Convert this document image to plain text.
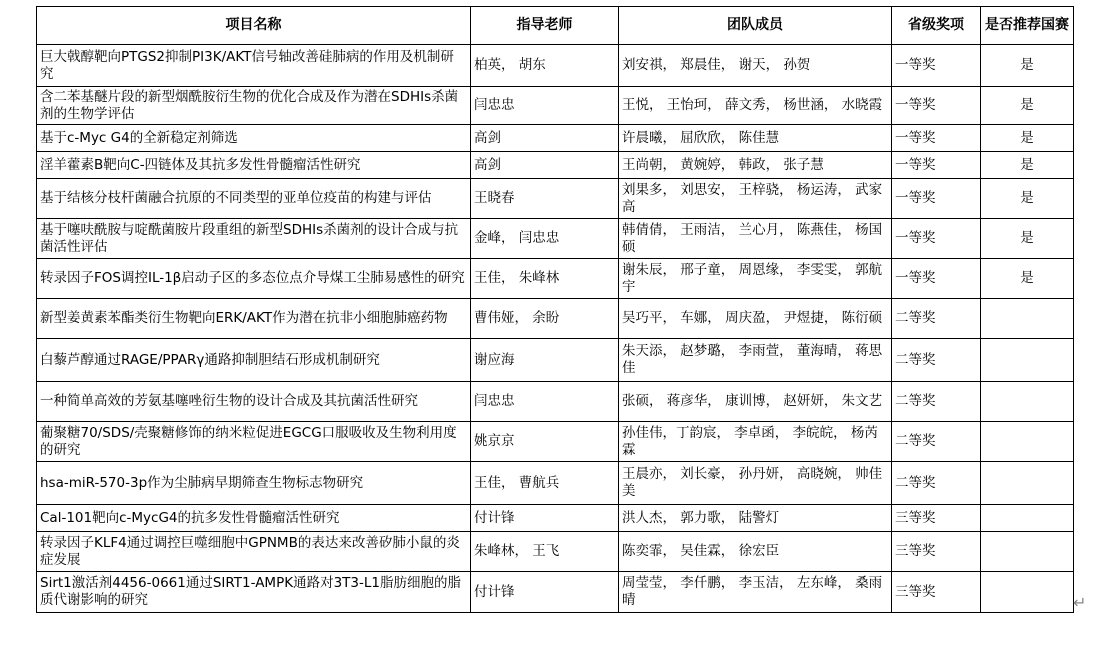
项目名称	指导老师	团队成员	省级奖项	是否推荐国赛
巨大戟醇靶向PTGS2抑制PI3K/AKT信号轴改善硅肺病的作用及机制研究	柏英， 胡东	刘安祺， 郑晨佳， 谢天， 孙贺	一等奖	是
含二苯基醚片段的新型烟酰胺衍生物的优化合成及作为潜在SDHIs杀菌剂的生物学评估	闫忠忠	王悦， 王怡珂， 薛文秀， 杨世涵， 水晓霞	一等奖	是
基于c-Myc G4的全新稳定剂筛选	高剑	许晨曦， 屈欣欣， 陈佳慧	一等奖	是
淫羊藿素B靶向C-四链体及其抗多发性骨髓瘤活性研究	高剑	王尚朝， 黄婉婷， 韩政， 张子慧	一等奖	是
基于结核分枝杆菌融合抗原的不同类型的亚单位疫苗的构建与评估	王晓春	刘果多， 刘思安， 王梓骁， 杨运涛， 武家高	一等奖	是
基于噻呋酰胺与啶酰菌胺片段重组的新型SDHIs杀菌剂的设计合成与抗菌活性评估	金峰， 闫忠忠	韩倩倩， 王雨洁， 兰心月， 陈燕佳， 杨国硕	一等奖	是
转录因子FOS调控IL-1β启动子区的多态位点介导煤工尘肺易感性的研究	王佳， 朱峰林	谢朱辰， 邢子童， 周恩缘， 李雯雯， 郭航宇	一等奖	是
新型姜黄素苯酯类衍生物靶向ERK/AKT作为潜在抗非小细胞肺癌药物	曹伟娅， 余盼	吴巧平， 车娜， 周庆盈， 尹煜捷， 陈衍硕	二等奖	
白藜芦醇通过RAGE/PPARγ通路抑制胆结石形成机制研究	谢应海	朱天添， 赵梦璐， 李雨萱， 董海晴， 蒋思佳	二等奖	
一种简单高效的芳氨基噻唑衍生物的设计合成及其抗菌活性研究	闫忠忠	张硕， 蒋彦华， 康训博， 赵妍妍， 朱文艺	二等奖	
葡聚糖70/SDS/壳聚糖修饰的纳米粒促进EGCG口服吸收及生物利用度的研究	姚京京	孙佳伟，丁韵宸， 李卓函， 李皖皖， 杨芮霖	二等奖	
hsa-miR-570-3p作为尘肺病早期筛查生物标志物研究	王佳， 曹航兵	王晨亦， 刘长豪， 孙丹妍， 高晓婉， 帅佳美	二等奖	
Cal-101靶向c-MycG4的抗多发性骨髓瘤活性研究	付计锋	洪人杰， 郭力歌， 陆警灯	三等奖	
转录因子KLF4通过调控巨噬细胞中GPNMB的表达来改善矽肺小鼠的炎症发展	朱峰林， 王飞	陈奕霏， 吴佳霖， 徐宏臣	三等奖	
Sirt1激活剂4456-0661通过SIRT1-AMPK通路对3T3-L1脂肪细胞的脂质代谢影响的研究	付计锋	周莹莹， 李仟鹏， 李玉洁， 左东峰， 桑雨晴	三等奖	
↵
